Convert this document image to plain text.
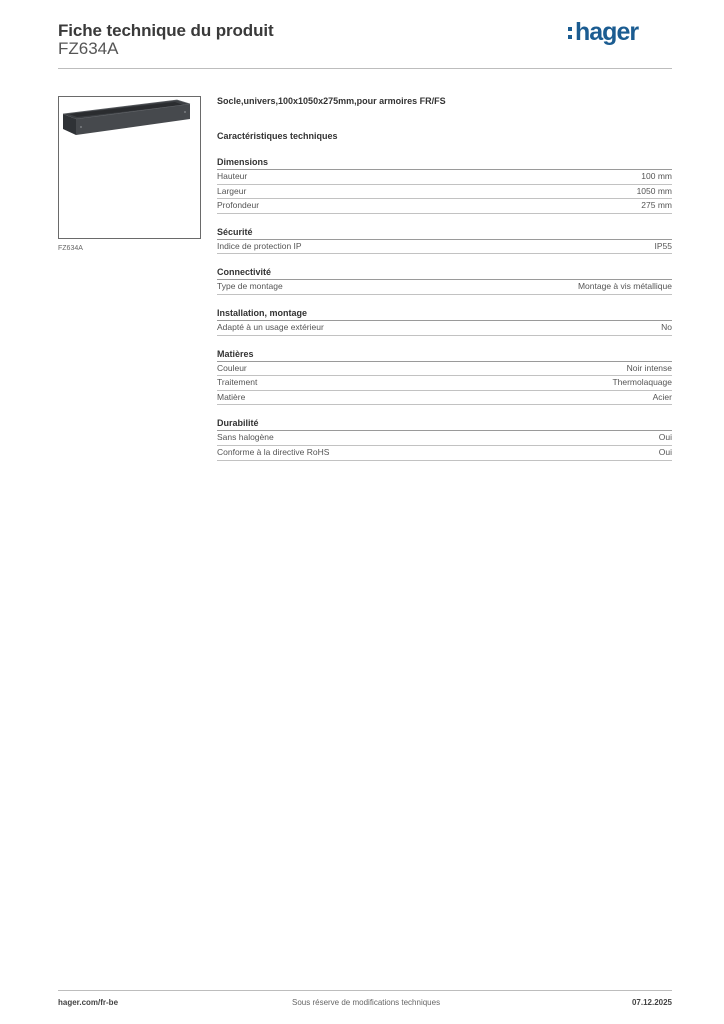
Fiche technique du produit
FZ634A
hager
FZ634A
Socle,univers,100x1050x275mm,pour armoires FR/FS
Caractéristiques techniques
Dimensions
Hauteur	100 mm
Largeur	1050 mm
Profondeur	275 mm
Sécurité
Indice de protection IP	IP55
Connectivité
Type de montage	Montage à vis métallique
Installation, montage
Adapté à un usage extérieur	No
Matières
Couleur	Noir intense
Traitement	Thermolaquage
Matière	Acier
Durabilité
Sans halogène	Oui
Conforme à la directive RoHS	Oui
hager.com/fr-be	Sous réserve de modifications techniques	07.12.2025
